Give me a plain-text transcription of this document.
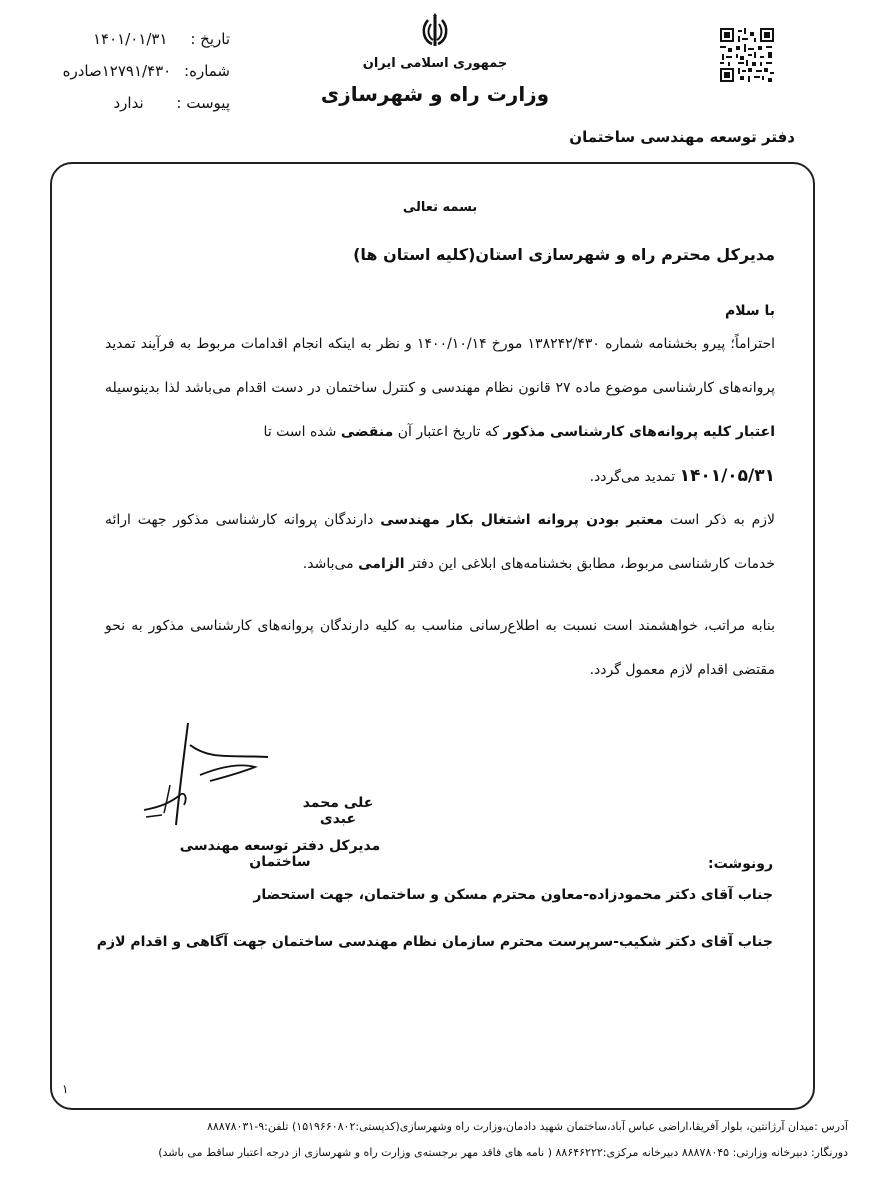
تاریخ : ۱۴۰۱/۰۱/۳۱
شماره: ۱۲۷۹۱/۴۳۰صادره
پیوست : ندارد
جمهوری اسلامی ایران
وزارت راه و شهرسازی
دفتر توسعه مهندسی ساختمان
بسمه تعالی
مدیرکل محترم راه و شهرسازی استان(کلیه استان ها)
با سلام
احتراماً؛ پیرو بخشنامه شماره ۱۳۸۲۴۲/۴۳۰ مورخ ۱۴۰۰/۱۰/۱۴ و نظر به اینکه انجام اقدامات مربوط به فرآیند تمدید پروانه‌های کارشناسی موضوع ماده ۲۷ قانون نظام مهندسی و کنترل ساختمان در دست اقدام می‌باشد لذا بدینوسیله اعتبار کلیه پروانه‌های کارشناسی مذکور که تاریخ اعتبار آن منقضی شده است تا
۱۴۰۱/۰۵/۳۱ تمدید می‌گردد.
لازم به ذکر است معتبر بودن پروانه اشتغال بکار مهندسی دارندگان پروانه کارشناسی مذکور جهت ارائه خدمات کارشناسی مربوط، مطابق بخشنامه‌های ابلاغی این دفتر الزامی می‌باشد.
بنابه مراتب، خواهشمند است نسبت به اطلاع‌رسانی مناسب به کلیه دارندگان پروانه‌های کارشناسی مذکور به نحو مقتضی اقدام لازم معمول گردد.
علی محمد عبدی
مدیرکل دفتر توسعه مهندسی ساختمان	رونوشت:
جناب آقای دکتر محمودزاده-معاون محترم مسکن و ساختمان، جهت استحضار
جناب آقای دکتر شکیب-سرپرست محترم سازمان نظام مهندسی ساختمان جهت آگاهی و اقدام لازم
۱
آدرس :میدان آرژانتین، بلوار آفریقا،اراضی عباس آباد،ساختمان شهید دادمان،وزارت راه وشهرسازی(کدپستی:۱۵۱۹۶۶۰۸۰۲) تلفن:۹-۸۸۸۷۸۰۳۱
دورنگار: دبیرخانه وزارتی: ۸۸۸۷۸۰۴۵ دبیرخانه مرکزی:۸۸۶۴۶۲۲۲ ( نامه های فاقد مهر برجسته‌ی وزارت راه و شهرسازی از درجه اعتبار ساقط می باشد)
